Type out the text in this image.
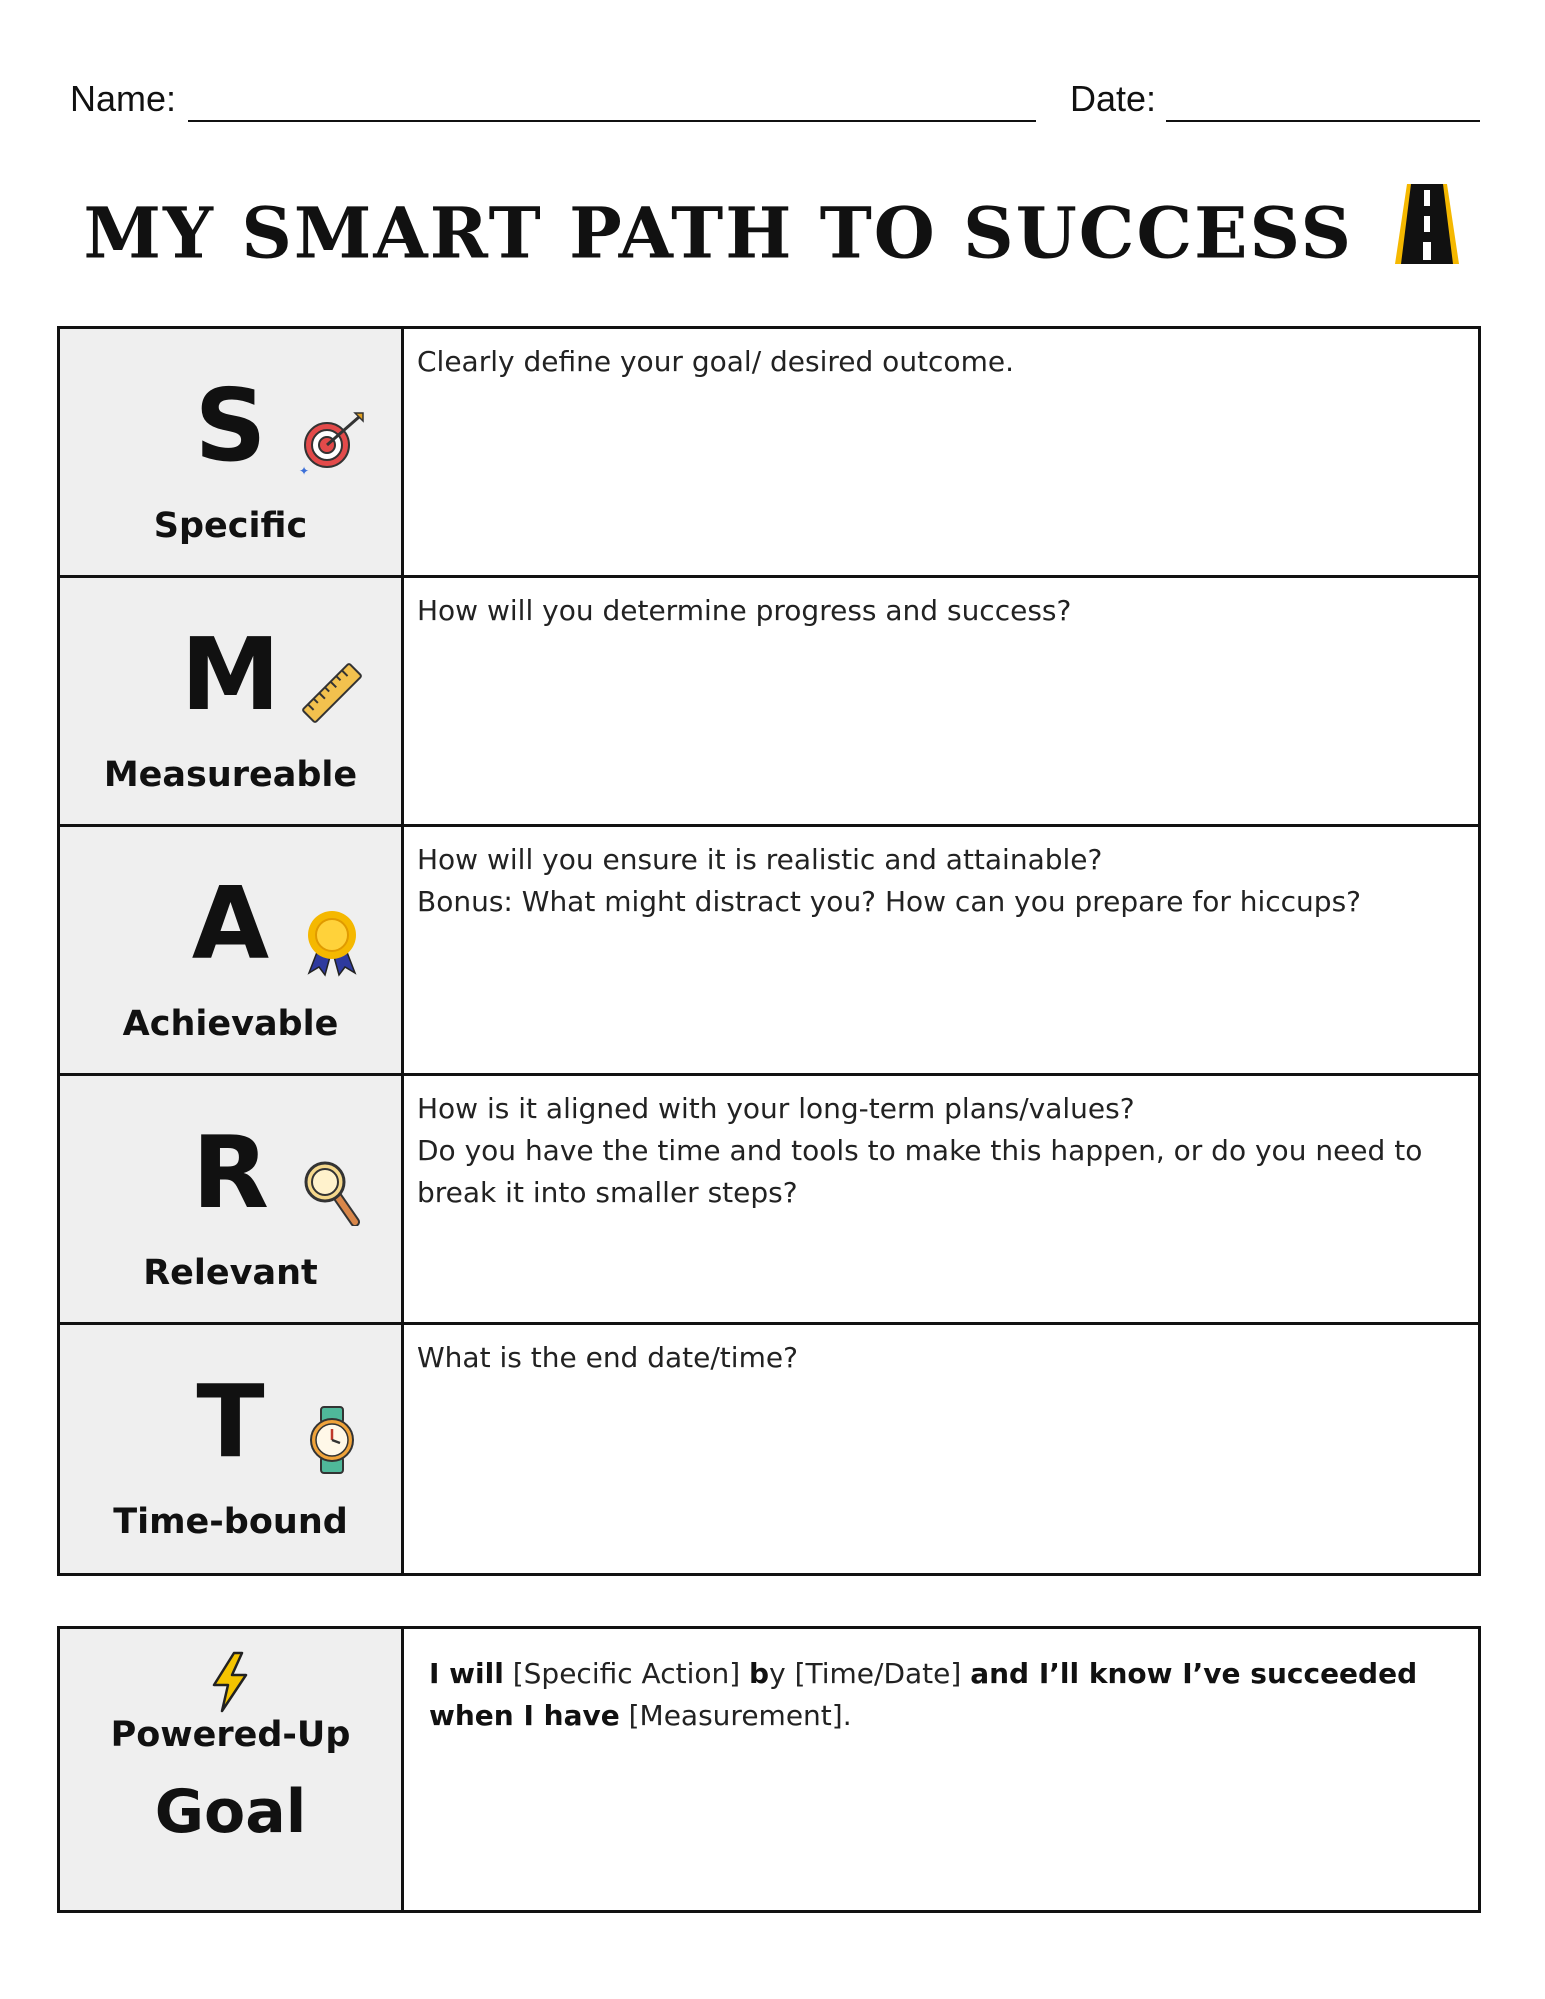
Name:	Date:
MY SMART PATH TO SUCCESS
S	✦
Specific
Clearly define your goal/ desired outcome.
M
Measureable
How will you determine progress and success?
A
Achievable
How will you ensure it is realistic and attainable?
Bonus: What might distract you? How can you prepare for hiccups?
R
Relevant
How is it aligned with your long-term plans/values?
Do you have the time and tools to make this happen, or do you need to
break it into smaller steps?
T
Time-bound
What is the end date/time?
Powered-Up
Goal
I will [Specific Action] by [Time/Date] and I’ll know I’ve succeeded
when I have [Measurement].
